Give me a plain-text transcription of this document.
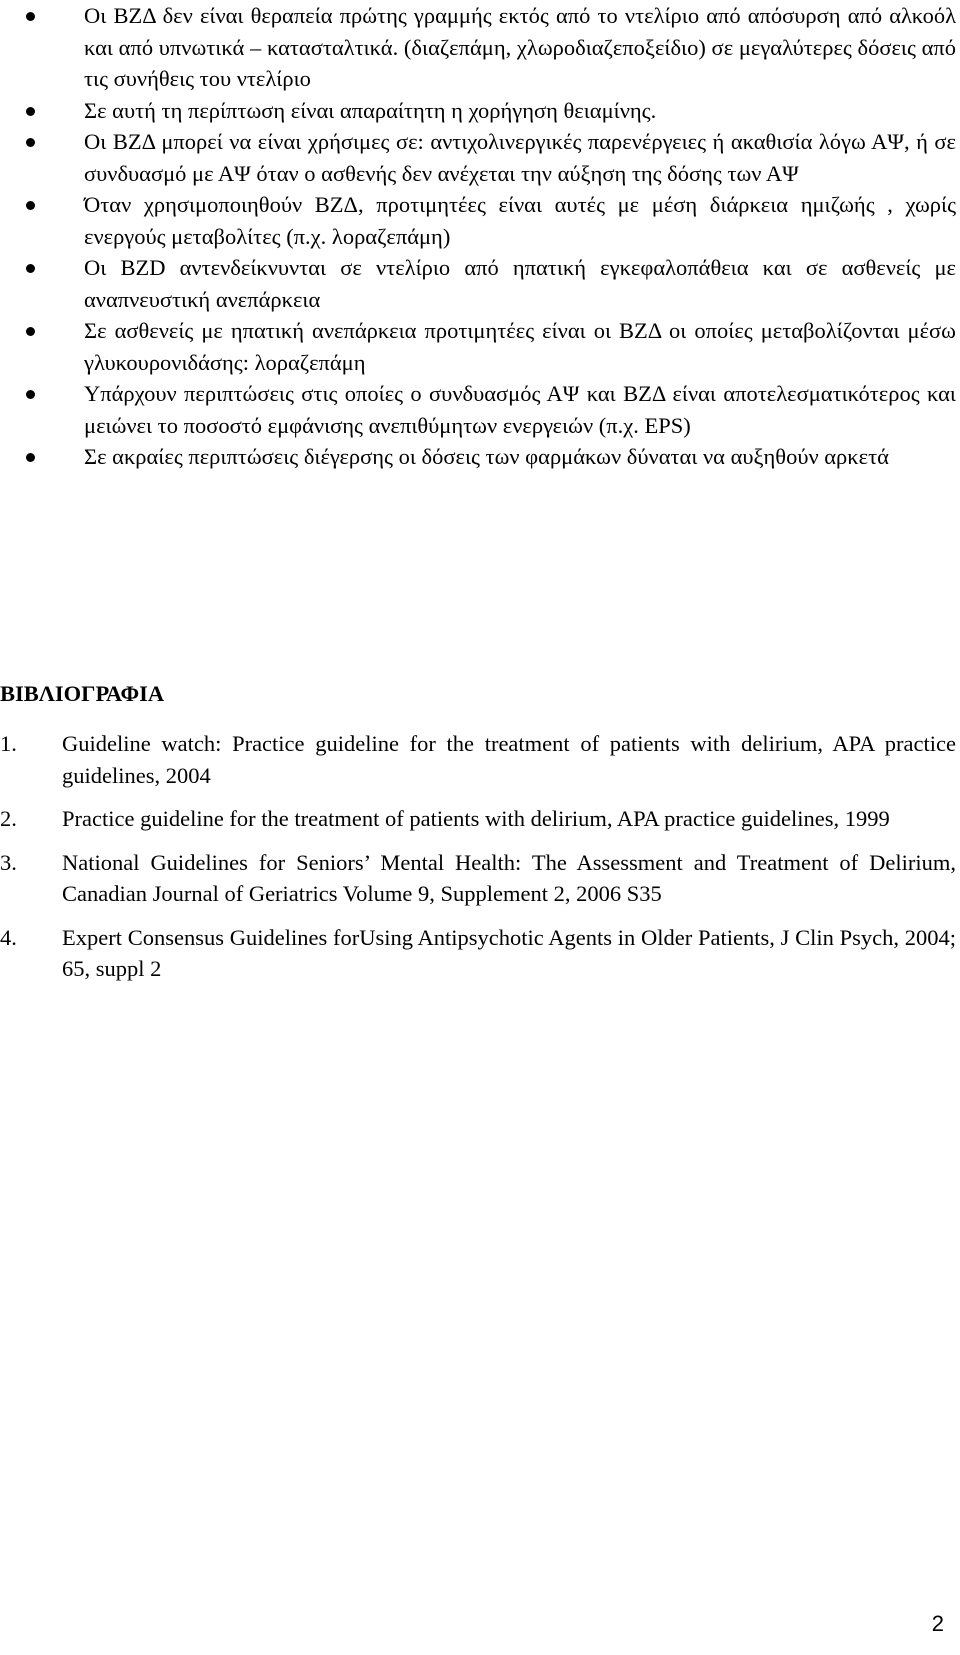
Οι ΒΖΔ δεν είναι θεραπεία πρώτης γραμμής εκτός από το ντελίριο από απόσυρση από αλκοόλ και από υπνωτικά – κατασταλτικά. (διαζεπάμη, χλωροδιαζεποξείδιο) σε μεγαλύτερες δόσεις από τις συνήθεις του ντελίριο
Σε αυτή τη περίπτωση είναι απαραίτητη η χορήγηση θειαμίνης.
Οι ΒΖΔ μπορεί να είναι χρήσιμες σε: αντιχολινεργικές παρενέργειες ή ακαθισία λόγω ΑΨ, ή σε συνδυασμό με ΑΨ όταν ο ασθενής δεν ανέχεται την αύξηση της δόσης των ΑΨ
Όταν χρησιμοποιηθούν ΒΖΔ, προτιμητέες είναι αυτές με μέση διάρκεια ημιζωής , χωρίς ενεργούς μεταβολίτες (π.χ. λοραζεπάμη)
Οι BZD αντενδείκνυνται σε ντελίριο από ηπατική εγκεφαλοπάθεια και σε ασθενείς με αναπνευστική ανεπάρκεια
Σε ασθενείς με ηπατική ανεπάρκεια προτιμητέες είναι οι ΒΖΔ οι οποίες μεταβολίζονται μέσω γλυκουρονιδάσης: λοραζεπάμη
Υπάρχουν περιπτώσεις στις οποίες ο συνδυασμός ΑΨ και ΒΖΔ είναι αποτελεσματικότερος και μειώνει το ποσοστό εμφάνισης ανεπιθύμητων ενεργειών (π.χ. EPS)
Σε ακραίες περιπτώσεις διέγερσης οι δόσεις των φαρμάκων δύναται να αυξηθούν αρκετά
ΒΙΒΛΙΟΓΡΑΦΙΑ
1. Guideline watch: Practice guideline for the treatment of patients with delirium, APA practice guidelines, 2004
2. Practice guideline for the treatment of patients with delirium, APA practice guidelines, 1999
3. National Guidelines for Seniors’ Mental Health: The Assessment and Treatment of Delirium, Canadian Journal of Geriatrics Volume 9, Supplement 2, 2006 S35
4. Expert Consensus Guidelines forUsing Antipsychotic Agents in Older Patients, J Clin Psych, 2004; 65, suppl 2
2
